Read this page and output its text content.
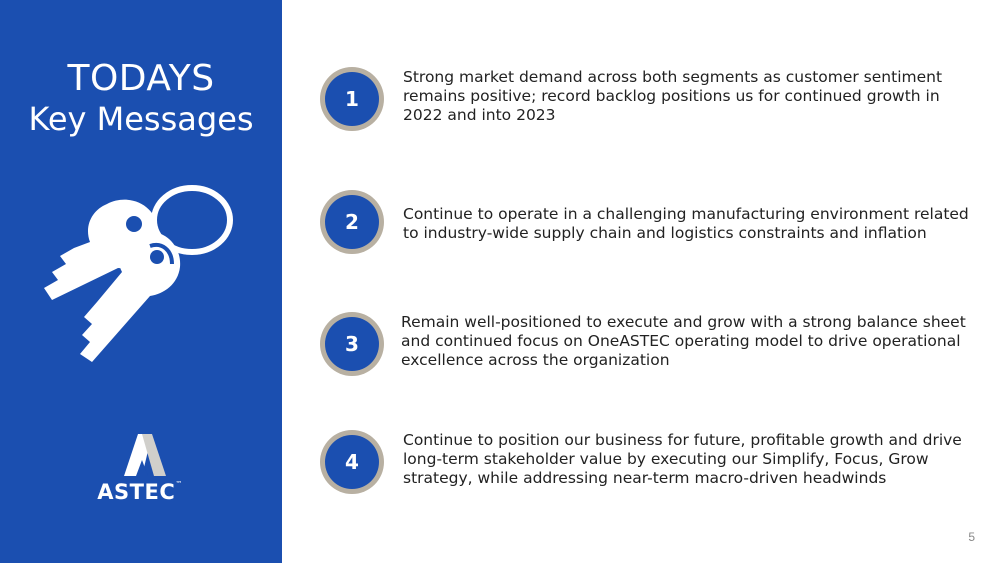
TODAYS
Key Messages
ASTEC™
1
Strong market demand across both segments as customer sentiment remains positive; record backlog positions us for continued growth in 2022 and into 2023
2	Continue to operate in a challenging manufacturing environment related to industry-wide supply chain and logistics constraints and inflation
3
Remain well-positioned to execute and grow with a strong balance sheet and continued focus on OneASTEC operating model to drive operational excellence across the organization
4
Continue to position our business for future, profitable growth and drive long-term stakeholder value by executing our Simplify, Focus, Grow strategy, while addressing near-term macro-driven headwinds
5
